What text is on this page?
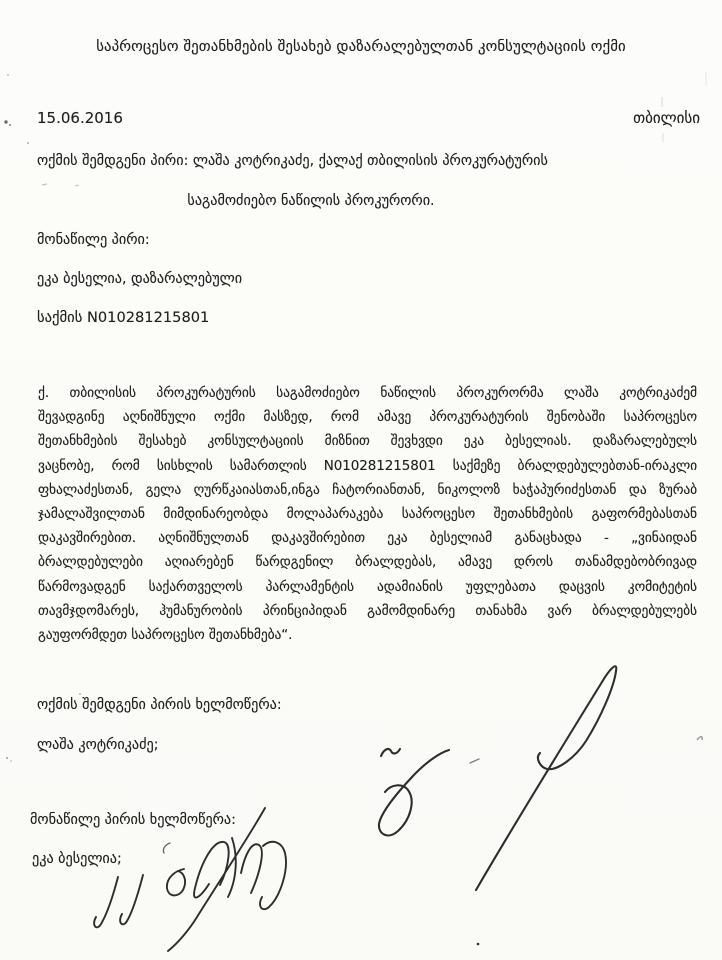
საპროცესო შეთანხმების შესახებ დაზარალებულთან კონსულტაციის ოქმი
15.06.2016	თბილისი
ოქმის შემდგენი პირი: ლაშა კოტრიკაძე, ქალაქ თბილისის პროკურატურის
საგამოძიებო ნაწილის პროკურორი.
მონაწილე პირი:
ეკა ბესელია, დაზარალებული
საქმის N010281215801
ქ. თბილისის პროკურატურის საგამოძიებო ნაწილის პროკურორმა ლაშა კოტრიკაძემ
შევადგინე აღნიშნული ოქმი მასზედ, რომ ამავე პროკურატურის შენობაში საპროცესო
შეთანხმების შესახებ კონსულტაციის მიზნით შევხვდი ეკა ბესელიას. დაზარალებულს
ვაცნობე, რომ სისხლის სამართლის N010281215801 საქმეზე ბრალდებულებთან-ირაკლი
ფხალაძესთან, გელა ღურწკაიასთან,ინგა ჩატორიანთან, ნიკოლოზ ხაჭაპურიძესთან და ზურაბ
ჯამალაშვილთან მიმდინარეობდა მოლაპარაკება საპროცესო შეთანხმების გაფორმებასთან
დაკავშირებით. აღნიშნულთან დაკავშირებით ეკა ბესელიამ განაცხადა - „ვინაიდან
ბრალდებულები აღიარებენ წარდგენილ ბრალდებას, ამავე დროს თანამდებობრივად
წარმოვადგენ საქართველოს პარლამენტის ადამიანის უფლებათა დაცვის კომიტეტის
თავმჯდომარეს, ჰუმანურობის პრინციპიდან გამომდინარე თანახმა ვარ ბრალდებულებს
გაუფორმდეთ საპროცესო შეთანხმება“.
ოქმის შემდგენი პირის ხელმოწერა:
ლაშა კოტრიკაძე;
მონაწილე პირის ხელმოწერა:
ეკა ბესელია;
